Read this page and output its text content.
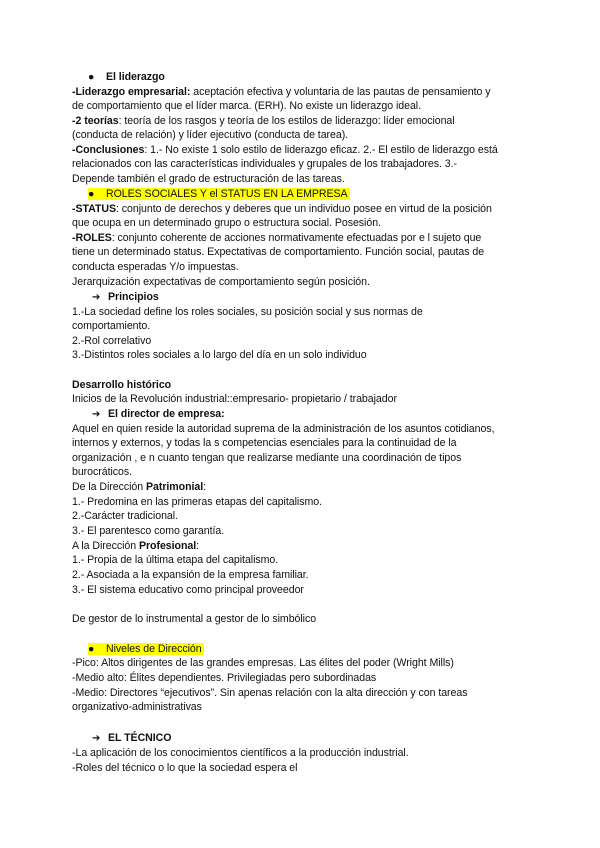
● El liderazgo
-Liderazgo empresarial: aceptación efectiva y voluntaria de las pautas de pensamiento y
de comportamiento que el líder marca. (ERH). No existe un liderazgo ideal.
-2 teorías: teoría de los rasgos y teoría de los estilos de liderazgo: líder emocional
(conducta de relación) y líder ejecutivo (conducta de tarea).
-Conclusiones: 1.- No existe 1 solo estilo de liderazgo eficaz. 2.- El estilo de liderazgo está
relacionados con las características individuales y grupales de los trabajadores. 3.-
Depende también el grado de estructuración de las tareas.
● ROLES SOCIALES Y el STATUS EN LA EMPRESA
-STATUS: conjunto de derechos y deberes que un individuo posee en virtud de la posición
que ocupa en un determinado grupo o estructura social. Posesión.
-ROLES: conjunto coherente de acciones normativamente efectuadas por e l sujeto que
tiene un determinado status. Expectativas de comportamiento. Función social, pautas de
conducta esperadas Y/o impuestas.
Jerarquización expectativas de comportamiento según posición.
➔ Principios
1.-La sociedad define los roles sociales, su posición social y sus normas de
comportamiento.
2.-Rol correlativo
3.-Distintos roles sociales a lo largo del día en un solo individuo
Desarrollo histórico
Inicios de la Revolución industrial::empresario- propietario / trabajador
➔ El director de empresa:
Aquel en quien reside la autoridad suprema de la administración de los asuntos cotidianos,
internos y externos, y todas la s competencias esenciales para la continuidad de la
organización , e n cuanto tengan que realizarse mediante una coordinación de tipos
burocráticos.
De la Dirección Patrimonial:
1.- Predomina en las primeras etapas del capitalismo.
2.-Carácter tradicional.
3.- El parentesco como garantía.
A la Dirección Profesional:
1.- Propia de la última etapa del capitalismo.
2.- Asociada a la expansión de la empresa familiar.
3.- El sistema educativo como principal proveedor
De gestor de lo instrumental a gestor de lo simbólico
● Niveles de Dirección
-Pico: Altos dirigentes de las grandes empresas. Las élites del poder (Wright Mills)
-Medio alto: Élites dependientes. Privilegiadas pero subordinadas
-Medio: Directores “ejecutivos”. Sin apenas relación con la alta dirección y con tareas
organizativo-administrativas
➔ EL TÉCNICO
-La aplicación de los conocimientos científicos a la producción industrial.
-Roles del técnico o lo que la sociedad espera el
